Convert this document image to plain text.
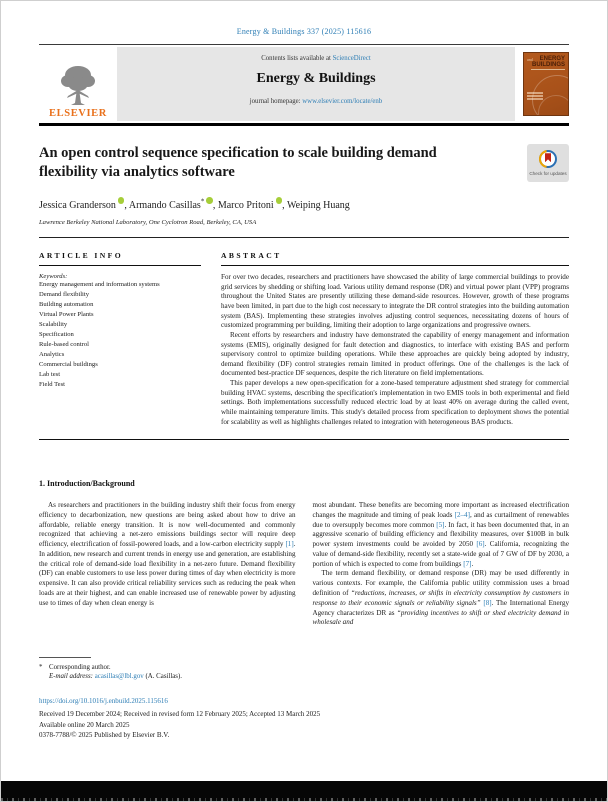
Energy & Buildings 337 (2025) 115616
ELSEVIER
Contents lists available at ScienceDirect
Energy & Buildings
journal homepage: www.elsevier.com/locate/enb
and	ENERGY
BUILDINGS
An open control sequence specification to scale building demand flexibility via analytics software	Check for updates
Jessica Granderson , Armando Casillas* , Marco Pritoni , Weiping Huang
Lawrence Berkeley National Laboratory, One Cyclotron Road, Berkeley, CA, USA
ARTICLE INFO
Keywords:
Energy management and information systems
Demand flexibility
Building automation
Virtual Power Plants
Scalability
Specification
Rule-based control
Analytics
Commercial buildings
Lab test
Field Test
ABSTRACT

For over two decades, researchers and practitioners have showcased the ability of large commercial buildings to provide grid services by shedding or shifting load. Various utility demand response (DR) and virtual power plant (VPP) programs throughout the United States are presently utilizing these demand-side resources. However, growth of these programs have been limited, in part due to the high cost necessary to integrate the DR control strategies into the building automation system (BAS). Implementing these strategies involves adjusting control sequences, necessitating dozens of hours of customized programming per building, limiting their adoption to large organizations and progressive owners.

Recent efforts by researchers and industry have demonstrated the capability of energy management and information systems (EMIS), originally designed for fault detection and diagnostics, to interface with existing BAS and perform supervisory control to optimize building operations. While these approaches are quickly being adopted by industry, demand flexibility (DF) control strategies remain limited in product offerings. One of the challenges is the lack of documented best-practice DF sequences, despite the rich literature on field implementations.

This paper develops a new open-specification for a zone-based temperature adjustment shed strategy for commercial building HVAC systems, describing the specification's implementation in two EMIS tools in both experimental and field settings. Both implementations successfully reduced electric load by at least 40% on average during the called event, while maintaining temperature limits. This study's detailed process from specification to deployment shows the potential for scalability as well as highlights challenges related to integration with heterogeneous BAS products.

1. Introduction/Background

As researchers and practitioners in the building industry shift their focus from energy efficiency to decarbonization, new questions are being asked about how to drive an affordable, reliable energy transition. It is now well-documented and commonly recognized that achieving a net-zero emissions buildings sector will require deep efficiency, electrification of fossil-powered loads, and a low-carbon electricity supply [1]. In addition, new research and current trends in energy use and generation, are establishing the critical role of demand-side load flexibility in a net-zero future. Demand flexibility (DF) can enable customers to use less power during times of day when electricity is more expensive. It can also provide critical reliability services such as reducing the peak when loads are at their highest, and can enable increased use of renewable power by adjusting use to times of day when clean energy is

most abundant. These benefits are becoming more important as increased electrification changes the magnitude and timing of peak loads [2–4], and as curtailment of renewables due to oversupply becomes more common [5]. In fact, it has been documented that, in an aggressive scenario of building efficiency and flexibility measures, over $100B in bulk power system investments could be avoided by 2050 [6]. California, recognizing the value of demand-side flexibility, recently set a state-wide goal of 7 GW of DF by 2030, a portion of which is expected to come from buildings [7].

The term demand flexibility, or demand response (DR) may be used differently in various contexts. For example, the California public utility commission uses a broad definition of “reductions, increases, or shifts in electricity consumption by customers in response to their economic signals or reliability signals” [8]. The International Energy Agency characterizes DR as “providing incentives to shift or shed electricity demand in wholesale and

* Corresponding author.
E-mail address: acasillas@lbl.gov (A. Casillas).
https://doi.org/10.1016/j.enbuild.2025.115616
Received 19 December 2024; Received in revised form 12 February 2025; Accepted 13 March 2025
Available online 20 March 2025
0378-7788/© 2025 Published by Elsevier B.V.
